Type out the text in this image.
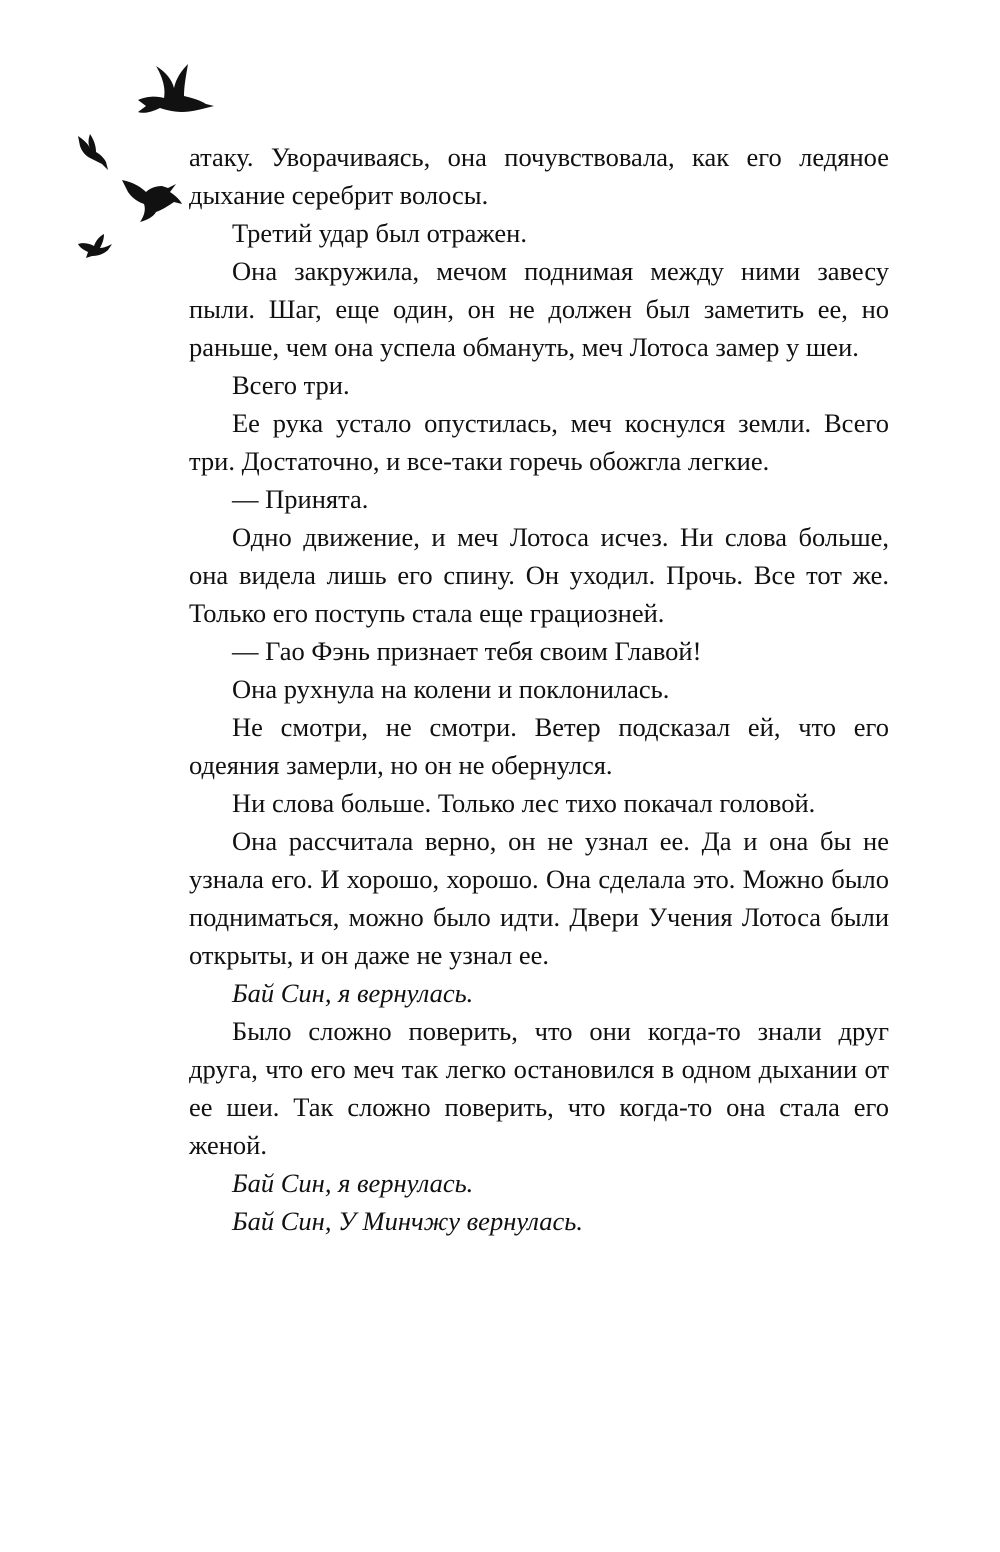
атаку. Уворачиваясь, она почувствовала, как его ледяное дыхание серебрит волосы.

Третий удар был отражен.

Она закружила, мечом поднимая между ними завесу пыли. Шаг, еще один, он не должен был заметить ее, но раньше, чем она успела обмануть, меч Лотоса замер у шеи.

Всего три.

Ее рука устало опустилась, меч коснулся земли. Всего три. Достаточно, и все-таки горечь обожгла легкие.

— Принята.

Одно движение, и меч Лотоса исчез. Ни слова больше, она видела лишь его спину. Он уходил. Прочь. Все тот же. Только его поступь стала еще грациозней.

— Гао Фэнь признает тебя своим Главой!

Она рухнула на колени и поклонилась.

Не смотри, не смотри. Ветер подсказал ей, что его одеяния замерли, но он не обернулся.

Ни слова больше. Только лес тихо покачал головой.

Она рассчитала верно, он не узнал ее. Да и она бы не узнала его. И хорошо, хорошо. Она сделала это. Можно было подниматься, можно было идти. Двери Учения Лотоса были открыты, и он даже не узнал ее.

Бай Син, я вернулась.

Было сложно поверить, что они когда-то знали друг друга, что его меч так легко остановился в одном дыхании от ее шеи. Так сложно поверить, что когда-то она стала его женой.

Бай Син, я вернулась.

Бай Син, У Минчжу вернулась.
